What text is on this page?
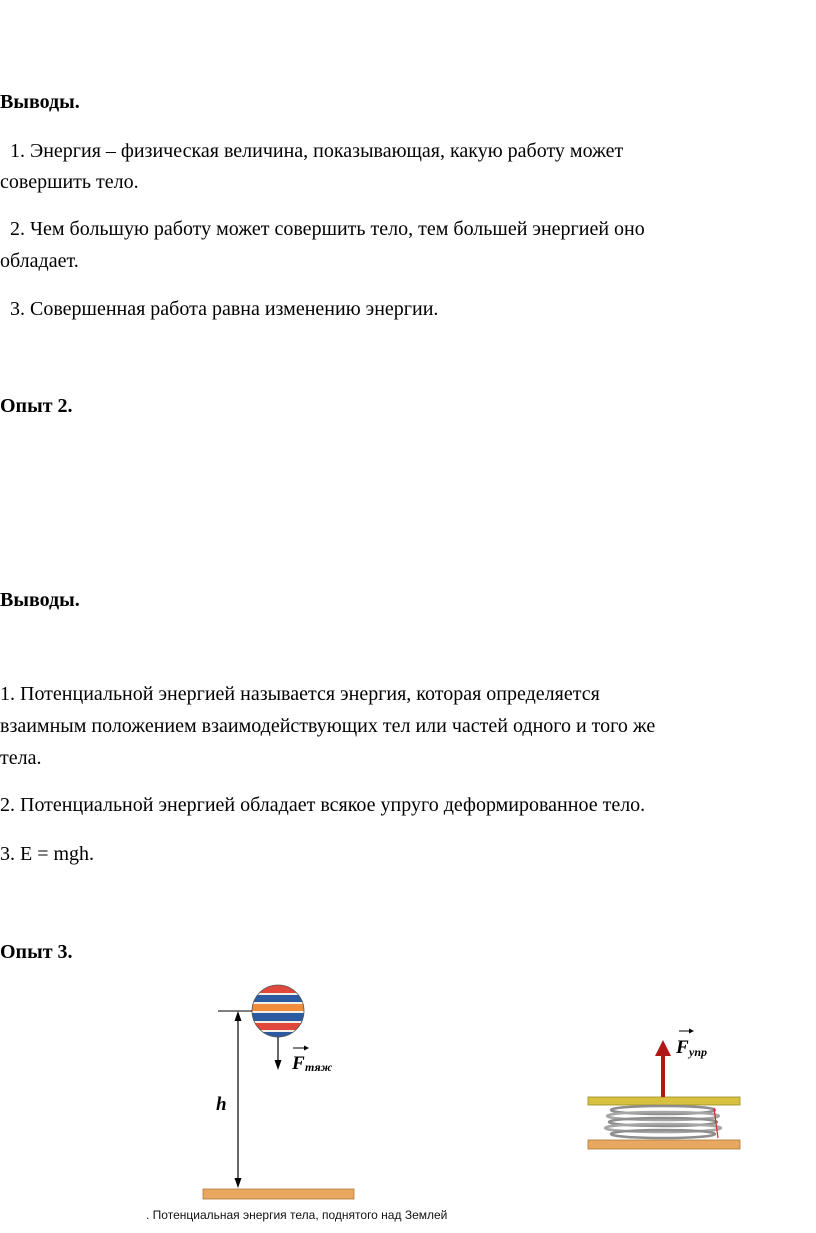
Выводы.
1. Энергия – физическая величина, показывающая, какую работу может
совершить тело.
2. Чем большую работу может совершить тело, тем большей энергией оно
обладает.
3. Совершенная работа равна изменению энергии.
Опыт 2.
Выводы.
1. Потенциальной энергией называется энергия, которая определяется
взаимным положением взаимодействующих тел или частей одного и того же
тела.
2. Потенциальной энергией обладает всякое упруго деформированное тело.
3. E = mgh.
Опыт 3.
F тяж
h
. Потенциальная энергия тела, поднятого над Землей
F упр
